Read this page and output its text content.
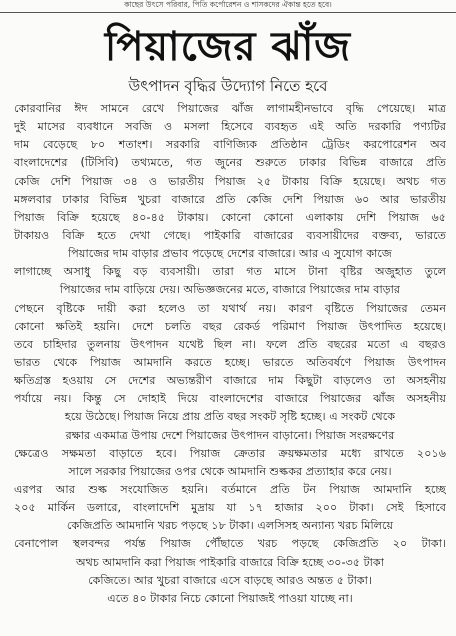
কাছের উৎসে পরিবার, পিতি কর্পোরেশন ও শাসকদের ঐকান্ত হতে হবে।
পিয়াজের ঝাঁজ
উৎপাদন বৃদ্ধির উদ্যোগ নিতে হবে
কোরবানির ঈদ সামনে রেখে পিয়াজের ঝাঁজ লাগামহীনভাবে বৃদ্ধি পেয়েছে। মাত্র
দুই মাসের ব্যবধানে সবজি ও মসলা হিসেবে ব্যবহৃত এই অতি দরকারি পণ্যটির
দাম বেড়েছে ৮০ শতাংশ। সরকারি বাণিজ্যিক প্রতিষ্ঠান ট্রেডিং করপোরেশন অব
বাংলাদেশের (টিসিবি) তথ্যমতে, গত জুনের শুরুতে ঢাকার বিভিন্ন বাজারে প্রতি
কেজি দেশি পিয়াজ ৩৪ ও ভারতীয় পিয়াজ ২৫ টাকায় বিক্রি হয়েছে। অথচ গত
মঙ্গলবার ঢাকার বিভিন্ন খুচরা বাজারে প্রতি কেজি দেশি পিয়াজ ৬০ আর ভারতীয়
পিয়াজ বিক্রি হয়েছে ৪০-৪৫ টাকায়। কোনো কোনো এলাকায় দেশি পিয়াজ ৬৫
টাকায়ও বিক্রি হতে দেখা গেছে। পাইকারি বাজারের ব্যবসায়ীদের বক্তব্য, ভারতে
পিয়াজের দাম বাড়ার প্রভাব পড়েছে দেশের বাজারে। আর এ সুযোগ কাজে
লাগাচ্ছে অসাধু কিছু বড় ব্যবসায়ী। তারা গত মাসে টানা বৃষ্টির অজুহাত তুলে
পিয়াজের দাম বাড়িয়ে দেয়। অভিজ্ঞজনের মতে, বাজারে পিয়াজের দাম বাড়ার
পেছনে বৃষ্টিকে দায়ী করা হলেও তা যথার্থ নয়। কারণ বৃষ্টিতে পিয়াজের তেমন
কোনো ক্ষতিই হয়নি। দেশে চলতি বছর রেকর্ড পরিমাণ পিয়াজ উৎপাদিত হয়েছে।
তবে চাহিদার তুলনায় উৎপাদন যথেষ্ট ছিল না। ফলে প্রতি বছরের মতো এ বছরও
ভারত থেকে পিয়াজ আমদানি করতে হচ্ছে। ভারতে অতিবর্ষণে পিয়াজ উৎপাদন
ক্ষতিগ্রস্ত হওয়ায় সে দেশের অভ্যন্তরীণ বাজারে দাম কিছুটা বাড়লেও তা অসহনীয়
পর্যায়ে নয়। কিন্তু সে দোহাই দিয়ে বাংলাদেশের বাজারে পিয়াজের ঝাঁজ অসহনীয়
হয়ে উঠেছে। পিয়াজ নিয়ে প্রায় প্রতি বছর সংকট সৃষ্টি হচ্ছে। এ সংকট থেকে
রক্ষার একমাত্র উপায় দেশে পিয়াজের উৎপাদন বাড়ানো। পিয়াজ সংরক্ষণের
ক্ষেত্রেও সক্ষমতা বাড়াতে হবে। পিয়াজ ক্রেতার ক্রয়ক্ষমতার মধ্যে রাখতে ২০১৬
সালে সরকার পিয়াজের ওপর থেকে আমদানি শুল্ককর প্রত্যাহার করে নেয়।
এরপর আর শুল্ক সংযোজিত হয়নি। বর্তমানে প্রতি টন পিয়াজ আমদানি হচ্ছে
২০৫ মার্কিন ডলারে, বাংলাদেশি মুদ্রায় যা ১৭ হাজার ২০০ টাকা। সেই হিসাবে
কেজিপ্রতি আমদানি খরচ পড়ছে ১৮ টাকা। এলসিসহ অন্যান্য খরচ মিলিয়ে
বেনাপোল স্থলবন্দর পর্যন্ত পিয়াজ পৌঁছাতে খরচ পড়ছে কেজিপ্রতি ২০ টাকা।
অথচ আমদানি করা পিয়াজ পাইকারি বাজারে বিক্রি হচ্ছে ৩০-৩৫ টাকা
কেজিতে। আর খুচরা বাজারে এসে বাড়ছে আরও অন্তত ৫ টাকা।
এতে ৪০ টাকার নিচে কোনো পিয়াজই পাওয়া যাচ্ছে না।
